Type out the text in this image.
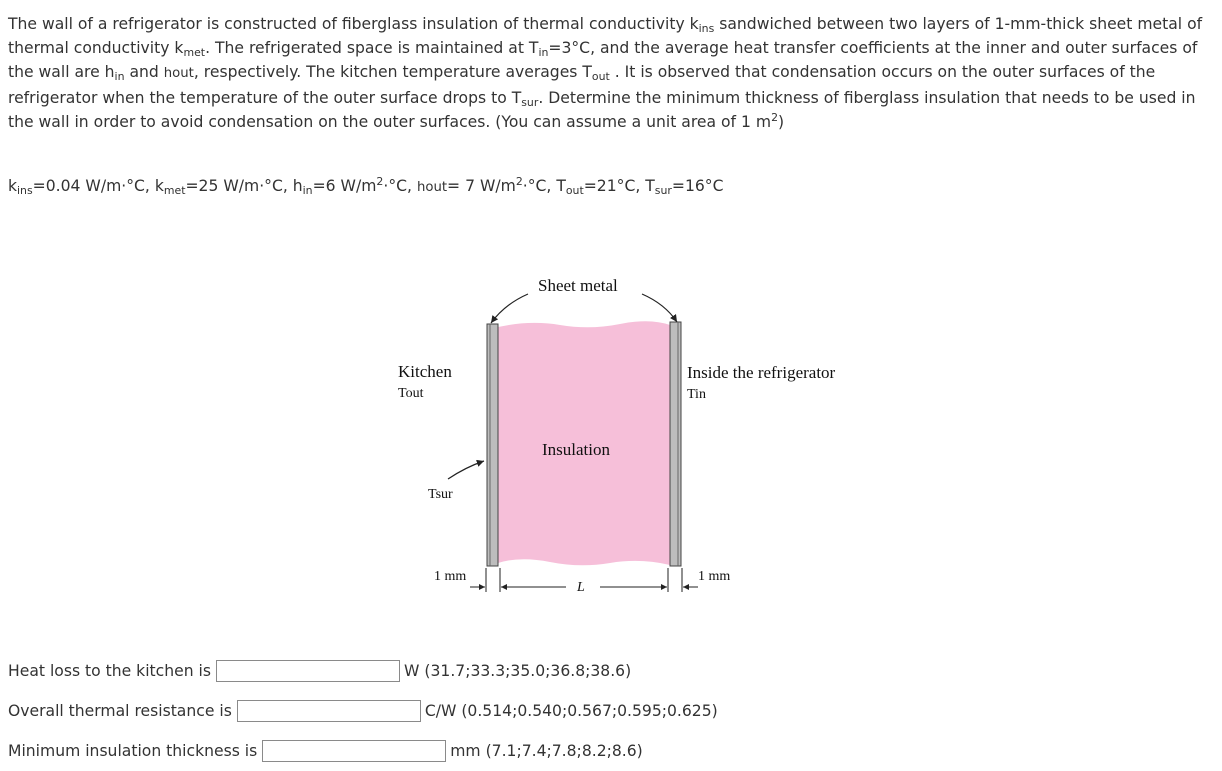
The wall of a refrigerator is constructed of fiberglass insulation of thermal conductivity $k_{ins}$ sandwiched between two layers of 1-mm-thick sheet metal of thermal conductivity $k_{met}$. The refrigerated space is maintained at $T_{in}=3^\circ C$, and the average heat transfer coefficients at the inner and outer surfaces of the wall are $h_{in}$ and hout, respectively. The kitchen temperature averages $T_{out}$ . It is observed that condensation occurs on the outer surfaces of the refrigerator when the temperature of the outer surface drops to $T_{sur}$. Determine the minimum thickness of fiberglass insulation that needs to be used in the wall in order to avoid condensation on the outer surfaces. (You can assume a unit area of 1 $m^2$)

$k_{ins}=0.04$ W/m·°C, $k_{met}=25$ W/m·°C, $h_{in}=6$ $W/m^2\cdot^\circ C$, hout= 7 $W/m^2\cdot^\circ C$, $T_{out}=21^\circ C$, $T_{sur}=16^\circ C$

Sheet metal
Kitchen
Tout
Inside the refrigerator
Tin
Insulation
Tsur
1 mm
L
1 mm
Heat loss to the kitchen is	W (31.7;33.3;35.0;36.8;38.6)
Overall thermal resistance is	C/W (0.514;0.540;0.567;0.595;0.625)
Minimum insulation thickness is	mm (7.1;7.4;7.8;8.2;8.6)
